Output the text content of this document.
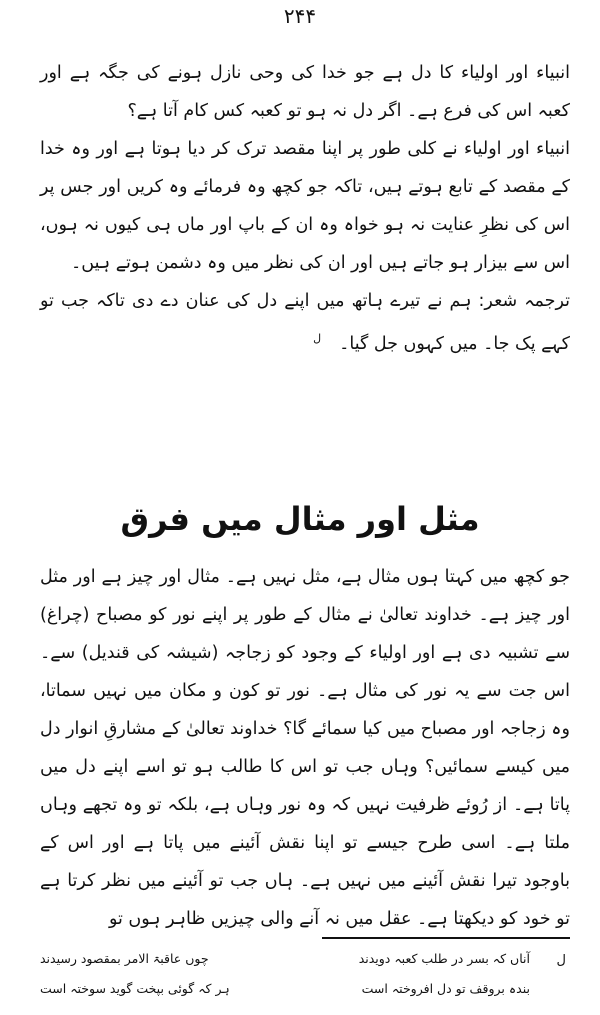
۲۴۴

انبیاء اور اولیاء کا دل ہے جو خدا کی وحی نازل ہونے کی جگہ ہے اور کعبہ اس کی فرع ہے۔ اگر دل نہ ہو تو کعبہ کس کام آتا ہے؟

انبیاء اور اولیاء نے کلی طور پر اپنا مقصد ترک کر دیا ہوتا ہے اور وہ خدا کے مقصد کے تابع ہوتے ہیں، تاکہ جو کچھ وہ فرمائے وہ کریں اور جس پر اس کی نظرِ عنایت نہ ہو خواہ وہ ان کے باپ اور ماں ہی کیوں نہ ہوں، اس سے بیزار ہو جاتے ہیں اور ان کی نظر میں وہ دشمن ہوتے ہیں۔

ترجمہ شعر: ہم نے تیرے ہاتھ میں اپنے دل کی عنان دے دی تاکہ جب تو کہے پک جا۔ میں کہوں جل گیا۔$^ل$

مثل اور مثال میں فرق

جو کچھ میں کہتا ہوں مثال ہے، مثل نہیں ہے۔ مثال اور چیز ہے اور مثل اور چیز ہے۔ خداوند تعالیٰ نے مثال کے طور پر اپنے نور کو مصباح (چراغ) سے تشبیہ دی ہے اور اولیاء کے وجود کو زجاجہ (شیشہ کی قندیل) سے۔ اس جت سے یہ نور کی مثال ہے۔ نور تو کون و مکان میں نہیں سماتا، وہ زجاجہ اور مصباح میں کیا سمائے گا؟ خداوند تعالیٰ کے مشارقِ انوار دل میں کیسے سمائیں؟ وہاں جب تو اس کا طالب ہو تو اسے اپنے دل میں پاتا ہے۔ از رُوئے ظرفیت نہیں کہ وہ نور وہاں ہے، بلکہ تو وہ تجھے وہاں ملتا ہے۔ اسی طرح جیسے تو اپنا نقش آئینے میں پاتا ہے اور اس کے باوجود تیرا نقش آئینے میں نہیں ہے۔ ہاں جب تو آئینے میں نظر کرتا ہے تو خود کو دیکھتا ہے۔ عقل میں نہ آنے والی چیزیں ظاہر ہوں تو

ل
آناں کہ بسر در طلب کعبہ دویدندچوں عاقبۃ الامر بمقصود رسیدند
بندہ بروقف تو دل افروختہ استہر کہ گوئی بپخت گوید سوختہ است
